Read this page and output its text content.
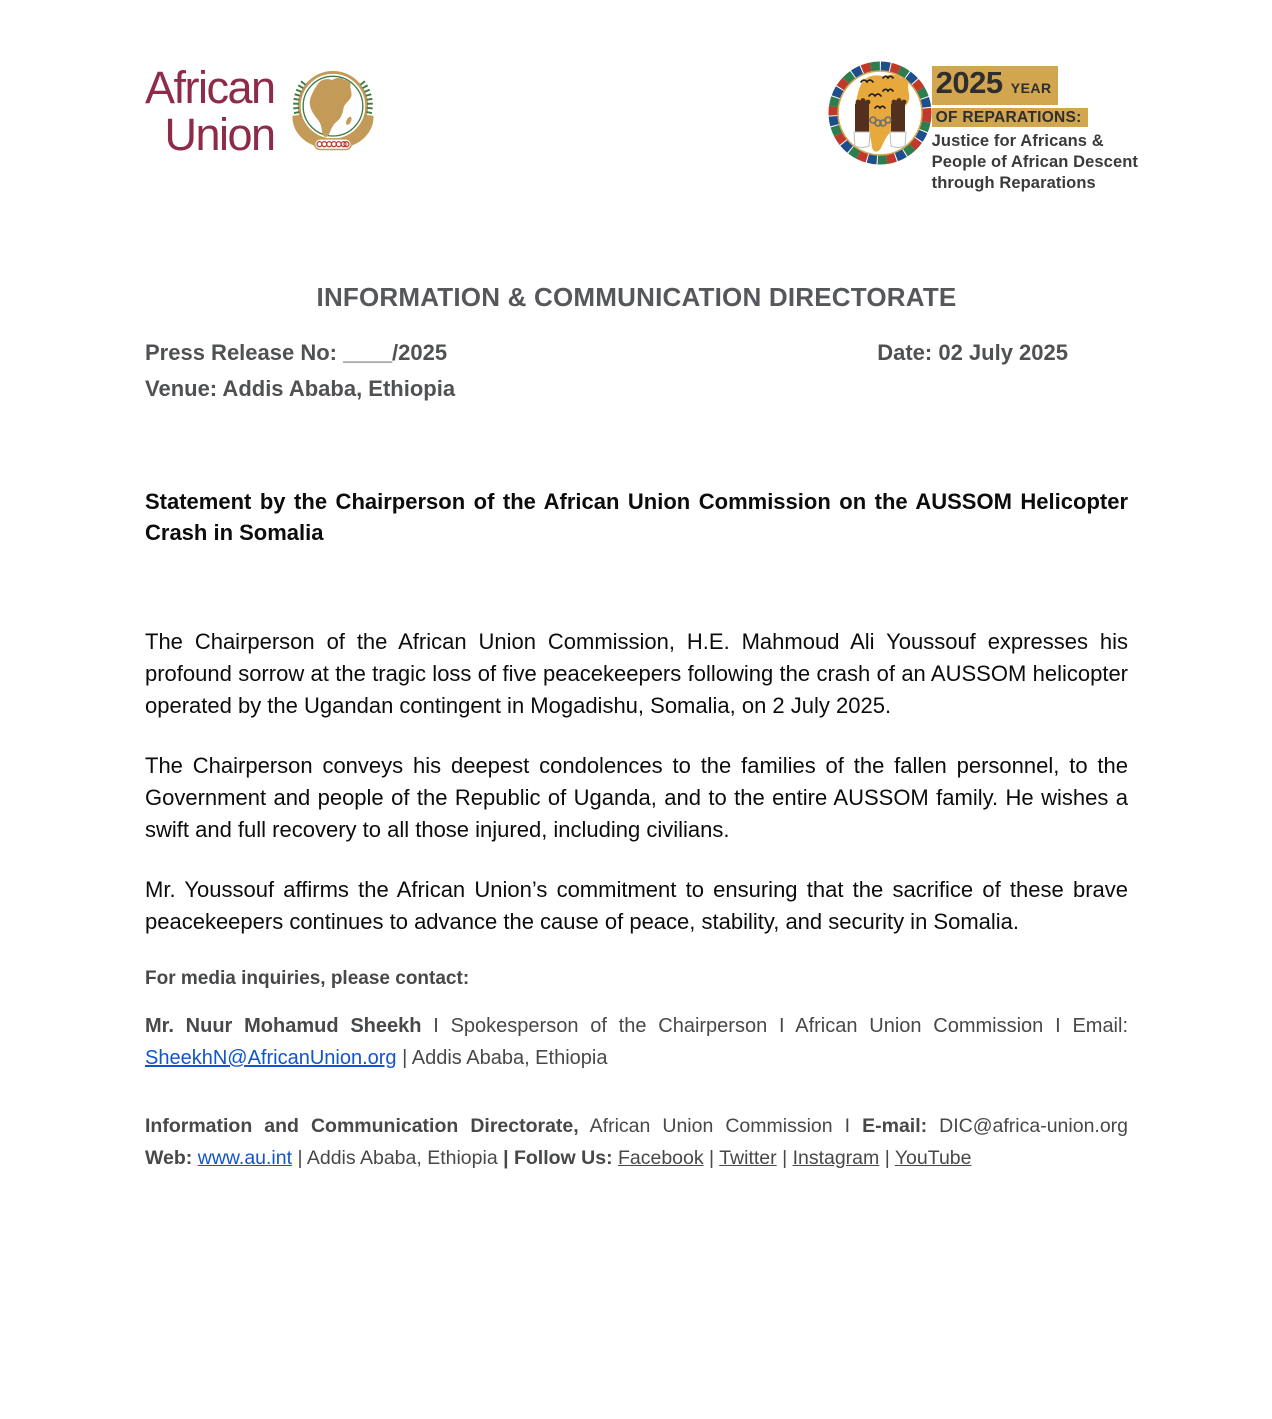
African
Union
2025 YEAR
OF REPARATIONS:
Justice for Africans &
People of African Descent
through Reparations
INFORMATION & COMMUNICATION DIRECTORATE
Press Release No: ____/2025	Date: 02 July 2025
Venue: Addis Ababa, Ethiopia
Statement by the Chairperson of the African Union Commission on the AUSSOM Helicopter Crash in Somalia

The Chairperson of the African Union Commission, H.E. Mahmoud Ali Youssouf expresses his profound sorrow at the tragic loss of five peacekeepers following the crash of an AUSSOM helicopter operated by the Ugandan contingent in Mogadishu, Somalia, on 2 July 2025.

The Chairperson conveys his deepest condolences to the families of the fallen personnel, to the Government and people of the Republic of Uganda, and to the entire AUSSOM family. He wishes a swift and full recovery to all those injured, including civilians.

Mr. Youssouf affirms the African Union’s commitment to ensuring that the sacrifice of these brave peacekeepers continues to advance the cause of peace, stability, and security in Somalia.

For media inquiries, please contact:

Mr. Nuur Mohamud Sheekh I Spokesperson of the Chairperson I African Union Commission I Email: SheekhN@AfricanUnion.org | Addis Ababa, Ethiopia

Information and Communication Directorate, African Union Commission I E-mail: DIC@africa-union.org Web: www.au.int | Addis Ababa, Ethiopia | Follow Us: Facebook | Twitter | Instagram | YouTube
